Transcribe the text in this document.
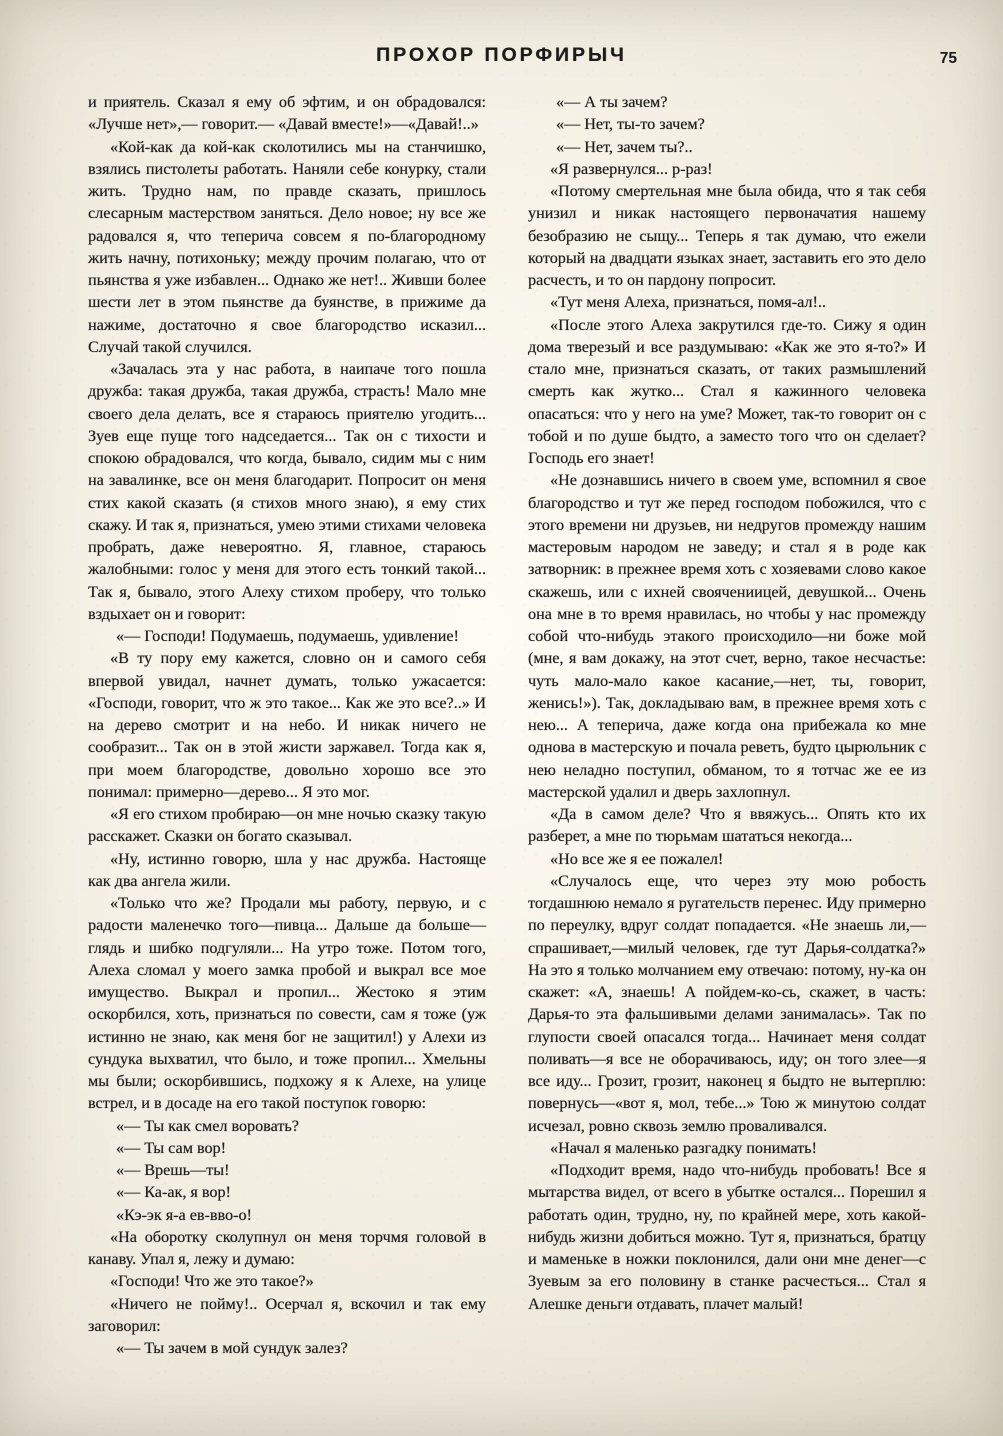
ПРОХОР ПОРФИРЫЧ	75

и приятель. Сказал я ему об эфтим, и он обрадовался: «Лучше нет»,— говорит.— «Давай вместе!»—«Давай!..»

«Кой-как да кой-как сколотились мы на станчишко, взялись пистолеты работать. Наняли себе конурку, стали жить. Трудно нам, по правде сказать, пришлось слесарным мастерством заняться. Дело новое; ну все же радовался я, что теперича совсем я по-благородному жить начну, потихоньку; между прочим полагаю, что от пьянства я уже избавлен... Однако же нет!.. Живши более шести лет в этом пьянстве да буянстве, в прижиме да нажиме, достаточно я свое благородство исказил... Случай такой случился.

«Зачалась эта у нас работа, в наипаче того пошла дружба: такая дружба, такая дружба, страсть! Мало мне своего дела делать, все я стараюсь приятелю угодить... Зуев еще пуще того надседается... Так он с тихости и спокою обрадовался, что когда, бывало, сидим мы с ним на завалинке, все он меня благодарит. Попросит он меня стих какой сказать (я стихов много знаю), я ему стих скажу. И так я, признаться, умею этими стихами человека пробрать, даже невероятно. Я, главное, стараюсь жалобными: голос у меня для этого есть тонкий такой... Так я, бывало, этого Алеху стихом проберу, что только вздыхает он и говорит:

«— Господи! Подумаешь, подумаешь, удивление!

«В ту пору ему кажется, словно он и самого себя впервой увидал, начнет думать, только ужасается: «Господи, говорит, что ж это такое... Как же это все?..» И на дерево смотрит и на небо. И никак ничего не сообразит... Так он в этой жисти заржавел. Тогда как я, при моем благородстве, довольно хорошо все это понимал: примерно—дерево... Я это мог.

«Я его стихом пробираю—он мне ночью сказку такую расскажет. Сказки он богато сказывал.

«Ну, истинно говорю, шла у нас дружба. Настояще как два ангела жили.

«Только что же? Продали мы работу, первую, и с радости маленечко того—пивца... Дальше да больше—глядь и шибко подгуляли... На утро тоже. Потом того, Алеха сломал у моего замка пробой и выкрал все мое имущество. Выкрал и пропил... Жестоко я этим оскорбился, хоть, признаться по совести, сам я тоже (уж истинно не знаю, как меня бог не защитил!) у Алехи из сундука выхватил, что было, и тоже пропил... Хмельны мы были; оскорбившись, подхожу я к Алехе, на улице встрел, и в досаде на его такой поступок говорю:

«— Ты как смел воровать?

«— Ты сам вор!

«— Врешь—ты!

«— Ка-ак, я вор!

«Кэ-эк я-а ев-вво-о!

«На оборотку сколупнул он меня торчмя головой в канаву. Упал я, лежу и думаю:

«Господи! Что же это такое?»

«Ничего не пойму!.. Осерчал я, вскочил и так ему заговорил:

«— Ты зачем в мой сундук залез?

«— А ты зачем?

«— Нет, ты-то зачем?

«— Нет, зачем ты?..

«Я развернулся... р-раз!

«Потому смертельная мне была обида, что я так себя унизил и никак настоящего первоначатия нашему безобразию не сыщу... Теперь я так думаю, что ежели который на двадцати языках знает, заставить его это дело расчесть, и то он пардону попросит.

«Тут меня Алеха, признаться, помя-ал!..

«После этого Алеха закрутился где-то. Сижу я один дома тверезый и все раздумываю: «Как же это я-то?» И стало мне, признаться сказать, от таких размышлений смерть как жутко... Стал я кажинного человека опасаться: что у него на уме? Может, так-то говорит он с тобой и по душе быдто, а заместо того что он сделает? Господь его знает!

«Не дознавшись ничего в своем уме, вспомнил я свое благородство и тут же перед господом побожился, что с этого времени ни друзьев, ни недругов промежду нашим мастеровым народом не заведу; и стал я в роде как затворник: в прежнее время хоть с хозяевами слово какое скажешь, или с ихней своячениицей, девушкой... Очень она мне в то время нравилась, но чтобы у нас промежду собой что-нибудь этакого происходило—ни боже мой (мне, я вам докажу, на этот счет, верно, такое несчастье: чуть мало-мало какое касание,—нет, ты, говорит, женись!»). Так, докладываю вам, в прежнее время хоть с нею... А теперича, даже когда она прибежала ко мне однова в мастерскую и почала реветь, будто цырюльник с нею неладно поступил, обманом, то я тотчас же ее из мастерской удалил и дверь захлопнул.

«Да в самом деле? Что я ввяжусь... Опять кто их разберет, а мне по тюрьмам шататься некогда...

«Но все же я ее пожалел!

«Случалось еще, что через эту мою робость тогдашнюю немало я ругательств перенес. Иду примерно по переулку, вдруг солдат попадается. «Не знаешь ли,—спрашивает,—милый человек, где тут Дарья-солдатка?» На это я только молчанием ему отвечаю: потому, ну-ка он скажет: «А, знаешь! А пойдем-ко-сь, скажет, в часть: Дарья-то эта фальшивыми делами занималась». Так по глупости своей опасался тогда... Начинает меня солдат поливать—я все не оборачиваюсь, иду; он того злее—я все иду... Грозит, грозит, наконец я быдто не вытерплю: повернусь—«вот я, мол, тебе...» Тою ж минутою солдат исчезал, ровно сквозь землю проваливался.

«Начал я маленько разгадку понимать!

«Подходит время, надо что-нибудь пробовать! Все я мытарства видел, от всего в убытке остался... Порешил я работать один, трудно, ну, по крайней мере, хоть какой-нибудь жизни добиться можно. Тут я, признаться, братцу и маменьке в ножки поклонился, дали они мне денег—с Зуевым за его половину в станке расчесться... Стал я Алешке деньги отдавать, плачет малый!
